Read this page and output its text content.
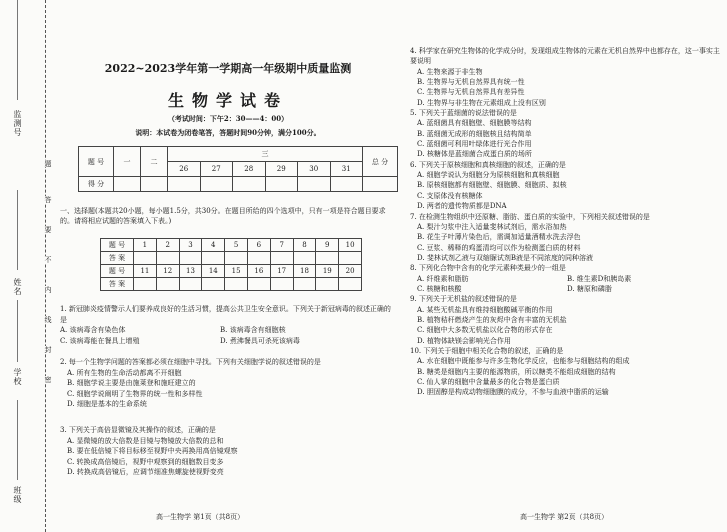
监测号
姓名
学校
班级
题
答
要
不
内
线
封
密
2022~2023学年第一学期高一年级期中质量监测
生物学试卷
（考试时间：下午2：30——4：00）
说明：本试卷为闭卷笔答，答题时间90分钟，满分100分。
题 号	一	二	三						总 分
			26	27	28	29	30	31	
得 分									
一、选择题(本题共20小题，每小题1.5分，共30分。在题目所给的四个选项中，只有一项是符合题目要求的。请将相应试题的答案填入下表。)
题 号	1	2	3	4	5	6	7	8	9	10
答 案										
题 号	11	12	13	14	15	16	17	18	19	20
答 案										
1. 新冠肺炎疫情警示人们要养成良好的生活习惯，提高公共卫生安全意识。下列关于新冠病毒的叙述正确的是
A. 该病毒含有染色体	B. 该病毒含有细胞核
C. 该病毒能在餐具上增殖	D. 煮沸餐具可杀死该病毒
2. 每一个生物学问题的答案都必须在细胞中寻找。下列有关细胞学说的叙述错误的是
A. 所有生物的生命活动都离不开细胞
B. 细胞学说主要是由施莱登和施旺建立的
C. 细胞学说阐明了生物界的统一性和多样性
D. 细胞是基本的生命系统
3. 下列关于高倍显微镜及其操作的叙述，正确的是
A. 显微镜的放大倍数是目镜与物镜放大倍数的总和
B. 要在低倍镜下将目标移至视野中央再换用高倍镜观察
C. 转换成高倍镜后，视野中观察到的细胞数目变多
D. 转换成高倍镜后，应调节细准焦螺旋使视野变亮
高一生物学 第1页（共8页）
4. 科学家在研究生物体的化学成分时，发现组成生物体的元素在无机自然界中也都存在，这一事实主要说明
A. 生物来源于非生物
B. 生物界与无机自然界具有统一性
C. 生物界与无机自然界具有差异性
D. 生物界与非生物在元素组成上没有区别
5. 下列关于蓝细菌的说法错误的是
A. 蓝细菌具有细胞壁、细胞膜等结构
B. 蓝细菌无成形的细胞核且结构简单
C. 蓝细菌可利用叶绿体进行光合作用
D. 核糖体是蓝细菌合成蛋白质的场所
6. 下列关于原核细胞和真核细胞的叙述，正确的是
A. 细胞学说认为细胞分为原核细胞和真核细胞
B. 原核细胞都有细胞壁、细胞膜、细胞质、拟核
C. 支原体没有核糖体
D. 两者的遗传物质都是DNA
7. 在检测生物组织中还原糖、脂肪、蛋白质的实验中，下列相关叙述错误的是
A. 梨汁匀浆中注入适量斐林试剂后，需水浴加热
B. 花生子叶薄片染色后，需调加适量酒精水洗去浮色
C. 豆浆、稀释的鸡蛋清均可以作为检测蛋白质的材料
D. 斐林试剂乙液与双缩脲试剂B液是不同浓度的同种溶液
8. 下列化合物中含有的化学元素种类最少的一组是
A. 纤维素和脂肪	B. 维生素D和胰岛素
C. 核糖和核酸	D. 糖原和磷脂
9. 下列关于无机盐的叙述错误的是
A. 某些无机盐具有维持细胞酸碱平衡的作用
B. 植物秸秆燃烧产生的灰烬中含有丰富的无机盐
C. 细胞中大多数无机盐以化合物的形式存在
D. 植物体缺镁会影响光合作用
10. 下列关于细胞中相关化合物的叙述，正确的是
A. 水在细胞中既能参与许多生物化学反应，也能参与细胞结构的组成
B. 糖类是细胞内主要的能源物质，所以糖类不能组成细胞的结构
C. 仙人掌的细胞中含量最多的化合物是蛋白质
D. 胆固醇是构成动物细胞膜的成分，不参与血液中脂质的运输
高一生物学 第2页（共8页）
